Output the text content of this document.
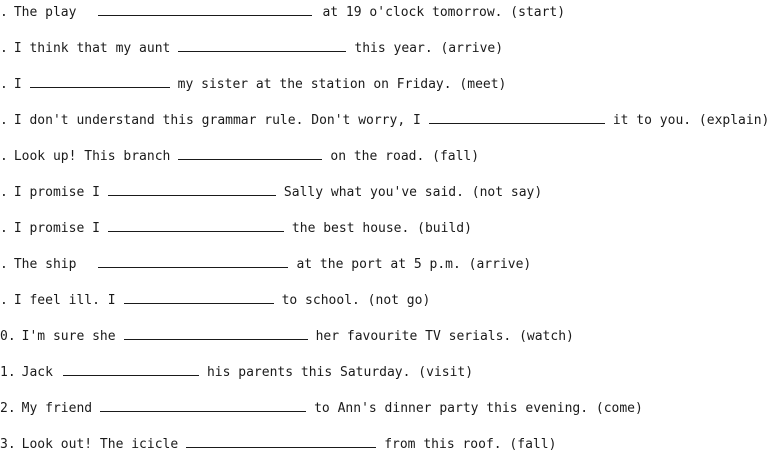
. The play	at 19 o'clock tomorrow. (start)
. I think that my aunt	this year. (arrive)
. I	my sister at the station on Friday. (meet)
. I don't understand this grammar rule. Don't worry, I	it to you. (explain)
. Look up! This branch	on the road. (fall)
. I promise I	Sally what you've said. (not say)
. I promise I	the best house. (build)
. The ship	at the port at 5 p.m. (arrive)
. I feel ill. I	to school. (not go)
0. I'm sure she	her favourite TV serials. (watch)
1. Jack	his parents this Saturday. (visit)
2. My friend	to Ann's dinner party this evening. (come)
3. Look out! The icicle	from this roof. (fall)
